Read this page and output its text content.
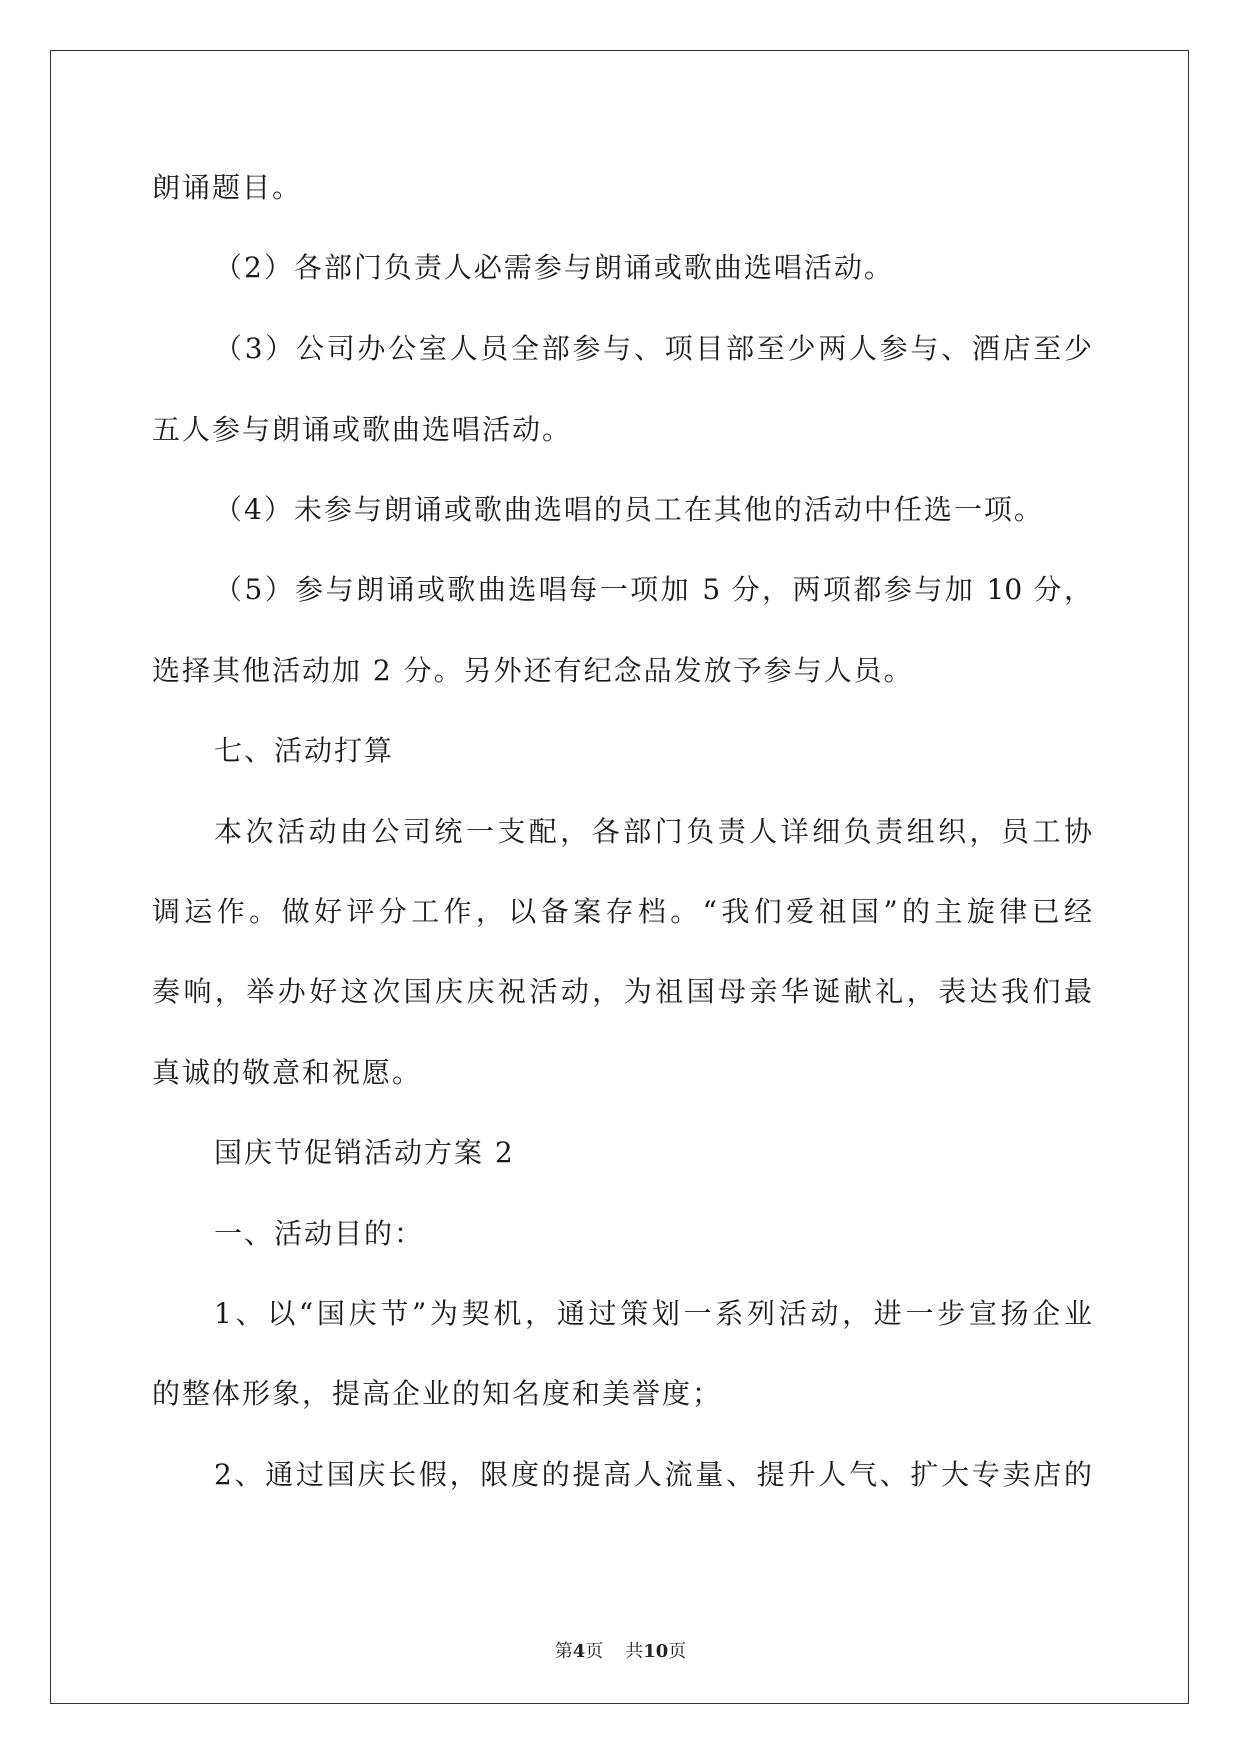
朗诵题目。

（2）各部门负责人必需参与朗诵或歌曲选唱活动。

（3）公司办公室人员全部参与、项目部至少两人参与、酒店至少

五人参与朗诵或歌曲选唱活动。

（4）未参与朗诵或歌曲选唱的员工在其他的活动中任选一项。

（5）参与朗诵或歌曲选唱每一项加 5 分，两项都参与加 10 分，

选择其他活动加 2 分。另外还有纪念品发放予参与人员。

七、活动打算

本次活动由公司统一支配，各部门负责人详细负责组织，员工协

调运作。做好评分工作，以备案存档。“我们爱祖国”的主旋律已经

奏响，举办好这次国庆庆祝活动，为祖国母亲华诞献礼，表达我们最

真诚的敬意和祝愿。

国庆节促销活动方案 2

一、活动目的：

1、以“国庆节”为契机，通过策划一系列活动，进一步宣扬企业

的整体形象，提高企业的知名度和美誉度；

2、通过国庆长假，限度的提高人流量、提升人气、扩大专卖店的

第4页 共10页
